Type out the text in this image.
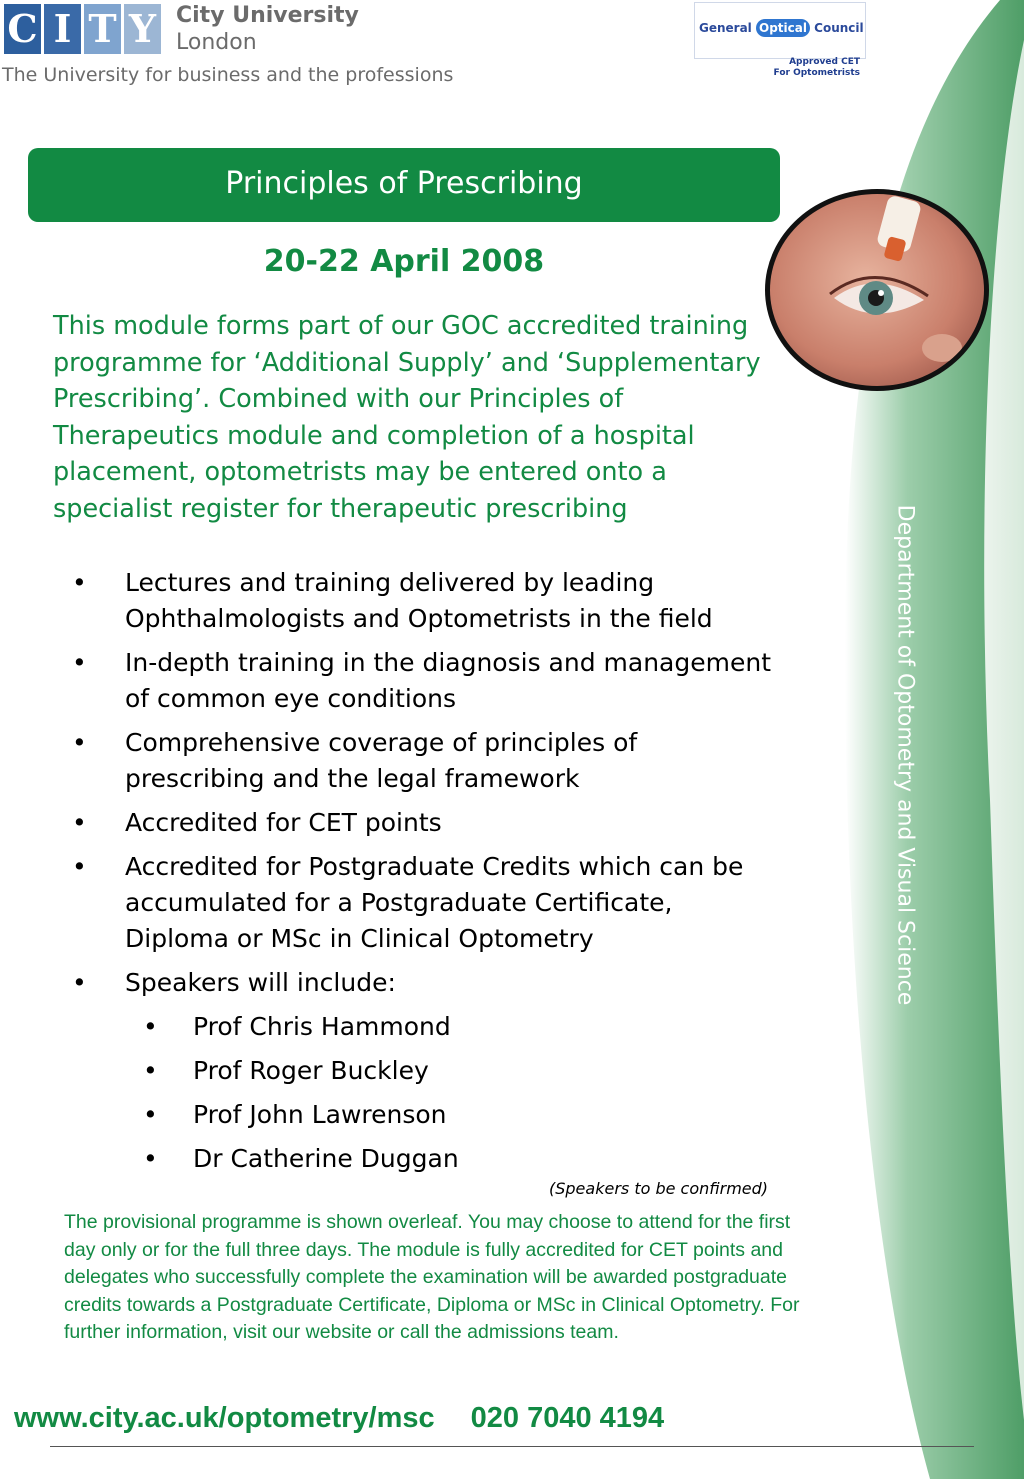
C I T Y City University
London
The University for business and the professions
General Optical Council
Approved CET
For Optometrists
Principles of Prescribing
20-22 April 2008
This module forms part of our GOC accredited training programme for ‘Additional Supply’ and ‘Supplementary Prescribing’. Combined with our Principles of Therapeutics module and completion of a hospital placement, optometrists may be entered onto a specialist register for therapeutic prescribing
• Lectures and training delivered by leading Ophthalmologists and Optometrists in the field
• In-depth training in the diagnosis and management of common eye conditions
• Comprehensive coverage of principles of prescribing and the legal framework
• Accredited for CET points
• Accredited for Postgraduate Credits which can be accumulated for a Postgraduate Certificate, Diploma or MSc in Clinical Optometry
• Speakers will include:
• Prof Chris Hammond
• Prof Roger Buckley
• Prof John Lawrenson
• Dr Catherine Duggan
(Speakers to be confirmed)
The provisional programme is shown overleaf. You may choose to attend for the first day only or for the full three days. The module is fully accredited for CET points and delegates who successfully complete the examination will be awarded postgraduate credits towards a Postgraduate Certificate, Diploma or MSc in Clinical Optometry. For further information, visit our website or call the admissions team.
www.city.ac.uk/optometry/msc 020 7040 4194
Department of Optometry and Visual Science
